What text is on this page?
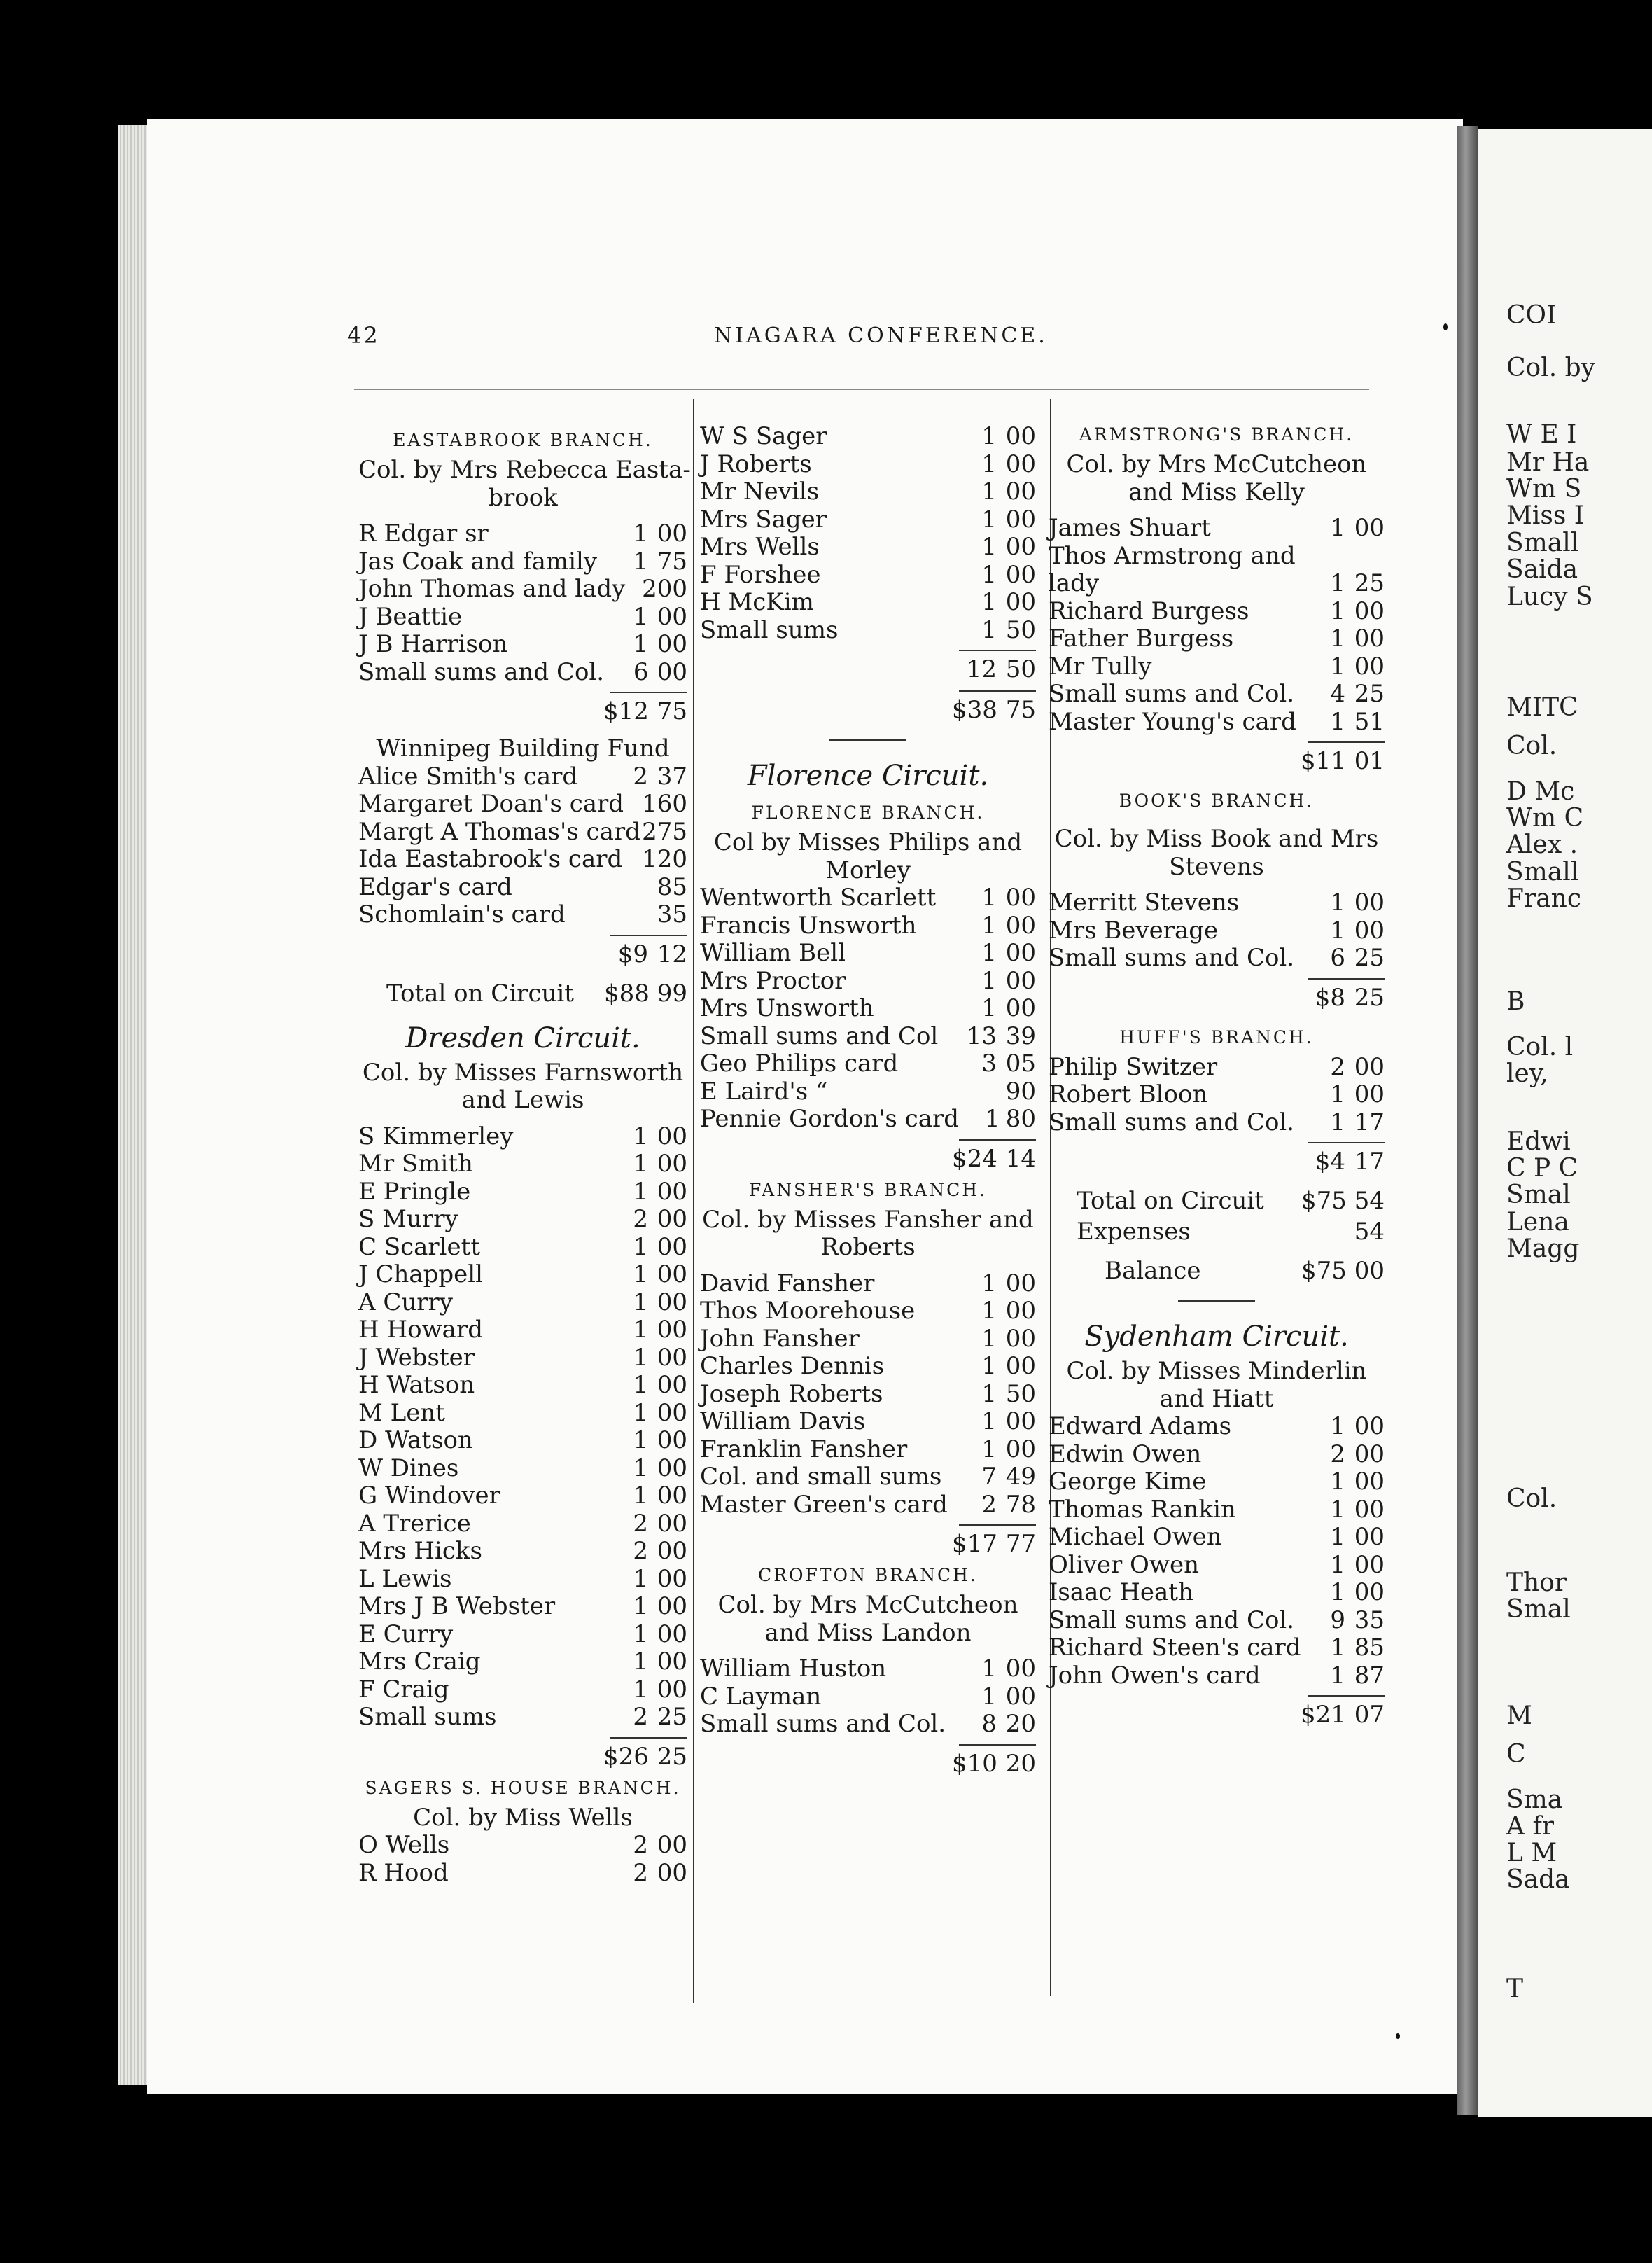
COI
Col. by
W E I
Mr Ha
Wm S
Miss I
Small
Saida
Lucy S
MITC
Col.
D Mc
Wm C
Alex .
Small
Franc
B
Col. l
ley,
Edwi
C P C
Smal
Lena
Magg
Col.
Thor
Smal
M
C
Sma
A fr
L M
Sada
T
42	NIAGARA CONFERENCE.
EASTABROOK BRANCH.
Col. by Mrs Rebecca Easta-
brook
R Edgar sr	1 00
Jas Coak and family	1 75
John Thomas and lady 2 00
J Beattie	1 00
J B Harrison	1 00
Small sums and Col.	6 00
$12 75
Winnipeg Building Fund
Alice Smith's card	2 37
Margaret Doan's card 1 60
Margt A Thomas's card 2 75
Ida Eastabrook's card 1 20
Edgar's card	85
Schomlain's card	35
$9 12
Total on Circuit $88 99
Dresden Circuit.
Col. by Misses Farnsworth
and Lewis
S Kimmerley	1 00
Mr Smith	1 00
E Pringle	1 00
S Murry	2 00
C Scarlett	1 00
J Chappell	1 00
A Curry	1 00
H Howard	1 00
J Webster	1 00
H Watson	1 00
M Lent	1 00
D Watson	1 00
W Dines	1 00
G Windover	1 00
A Trerice	2 00
Mrs Hicks	2 00
L Lewis	1 00
Mrs J B Webster	1 00
E Curry	1 00
Mrs Craig	1 00
F Craig	1 00
Small sums	2 25
$26 25
SAGERS S. HOUSE BRANCH.
Col. by Miss Wells
O Wells	2 00
R Hood	2 00
W S Sager	1 00
J Roberts	1 00
Mr Nevils	1 00
Mrs Sager	1 00
Mrs Wells	1 00
F Forshee	1 00
H McKim	1 00
Small sums	1 50
12 50
$38 75
Florence Circuit.
FLORENCE BRANCH.
Col by Misses Philips and
Morley
Wentworth Scarlett	1 00
Francis Unsworth	1 00
William Bell	1 00
Mrs Proctor	1 00
Mrs Unsworth	1 00
Small sums and Col	13 39
Geo Philips card	3 05
E Laird's “	90
Pennie Gordon's card	1 80
$24 14
FANSHER'S BRANCH.
Col. by Misses Fansher and
Roberts
David Fansher	1 00
Thos Moorehouse	1 00
John Fansher	1 00
Charles Dennis	1 00
Joseph Roberts	1 50
William Davis	1 00
Franklin Fansher	1 00
Col. and small sums	7 49
Master Green's card	2 78
$17 77
CROFTON BRANCH.
Col. by Mrs McCutcheon
and Miss Landon
William Huston	1 00
C Layman	1 00
Small sums and Col.	8 20
$10 20
ARMSTRONG'S BRANCH.
Col. by Mrs McCutcheon
and Miss Kelly
James Shuart	1 00
Thos Armstrong and
lady	1 25
Richard Burgess	1 00
Father Burgess	1 00
Mr Tully	1 00
Small sums and Col.	4 25
Master Young's card	1 51
$11 01
BOOK'S BRANCH.
Col. by Miss Book and Mrs
Stevens
Merritt Stevens	1 00
Mrs Beverage	1 00
Small sums and Col.	6 25
$8 25
HUFF'S BRANCH.
Philip Switzer	2 00
Robert Bloon	1 00
Small sums and Col.	1 17
$4 17
Total on Circuit $75 54
Expenses	54
Balance	$75 00
Sydenham Circuit.
Col. by Misses Minderlin
and Hiatt
Edward Adams	1 00
Edwin Owen	2 00
George Kime	1 00
Thomas Rankin	1 00
Michael Owen	1 00
Oliver Owen	1 00
Isaac Heath	1 00
Small sums and Col.	9 35
Richard Steen's card	1 85
John Owen's card	1 87
$21 07
